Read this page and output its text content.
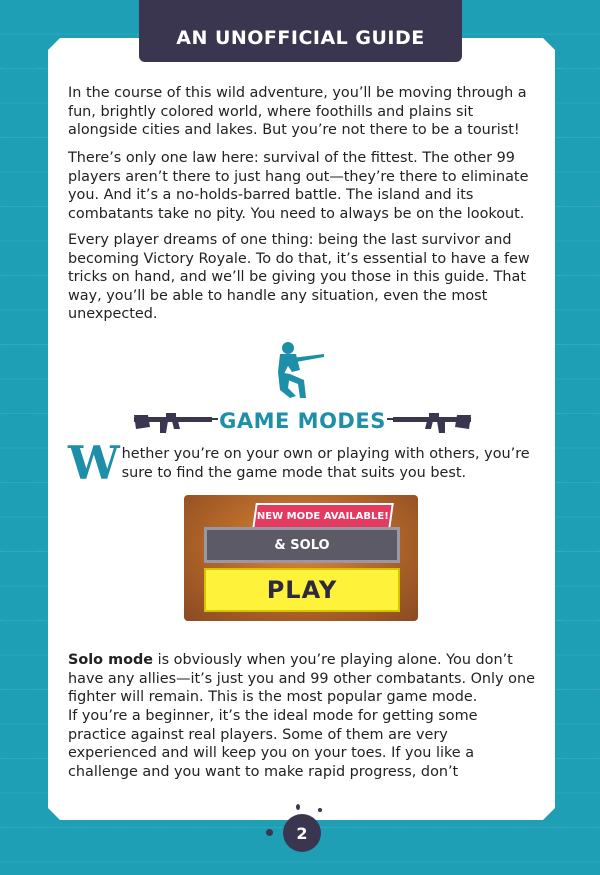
AN UNOFFICIAL GUIDE

In the course of this wild adventure, you’ll be moving through a fun, brightly colored world, where foothills and plains sit alongside cities and lakes. But you’re not there to be a tourist!

There’s only one law here: survival of the fittest. The other 99 players aren’t there to just hang out—they’re there to eliminate you. And it’s a no-holds-barred battle. The island and its combatants take no pity. You need to always be on the lookout.

Every player dreams of one thing: being the last survivor and becoming Victory Royale. To do that, it’s essential to have a few tricks on hand, and we’ll be giving you those in this guide. That way, you’ll be able to handle any situation, even the most unexpected.

GAME MODES
W hether you’re on your own or playing with others, you’re sure to find the game mode that suits you best.
NEW MODE AVAILABLE!
& SOLO
PLAY

Solo mode is obviously when you’re playing alone. You don’t have any allies—it’s just you and 99 other combatants. Only one fighter will remain. This is the most popular game mode.

If you’re a beginner, it’s the ideal mode for getting some practice against real players. Some of them are very experienced and will keep you on your toes. If you like a challenge and you want to make rapid progress, don’t

2
